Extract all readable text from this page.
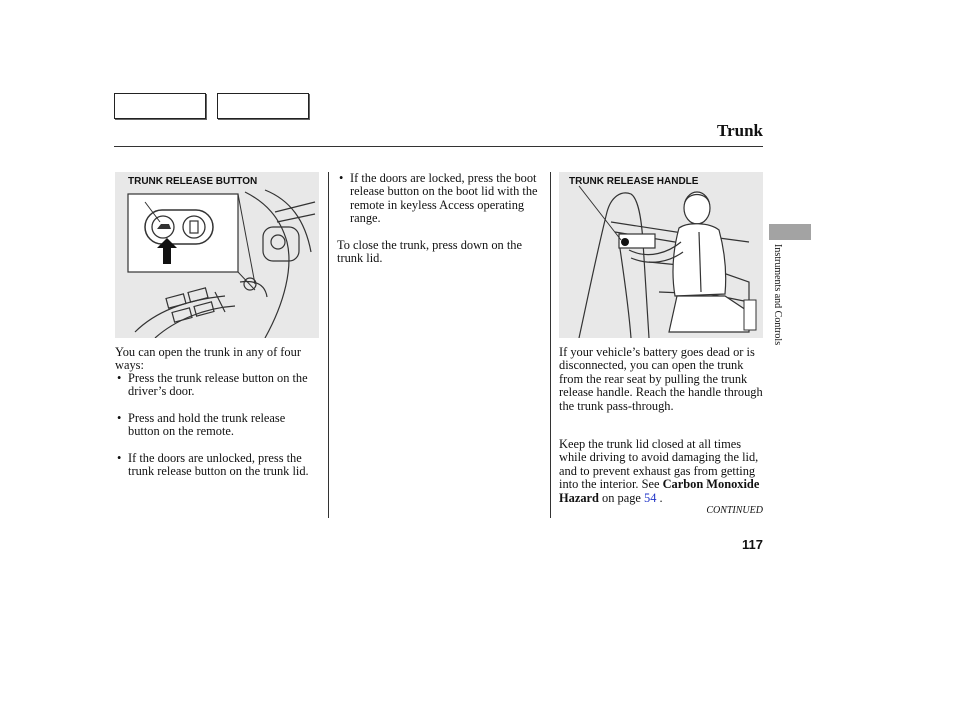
Trunk
TRUNK RELEASE BUTTON	TRUNK RELEASE HANDLE
You can open the trunk in any of four ways:
• Press the trunk release button on the driver’s door.
• Press and hold the trunk release button on the remote.
• If the doors are unlocked, press the trunk release button on the trunk lid.
• If the doors are locked, press the boot release button on the boot lid with the remote in keyless Access operating range.
To close the trunk, press down on the trunk lid.
If your vehicle’s battery goes dead or is disconnected, you can open the trunk from the rear seat by pulling the trunk release handle. Reach the handle through the trunk pass-through.
Keep the trunk lid closed at all times while driving to avoid damaging the lid, and to prevent exhaust gas from getting into the interior. See Carbon Monoxide Hazard on page 54 .
Instruments and Controls
CONTINUED
117
